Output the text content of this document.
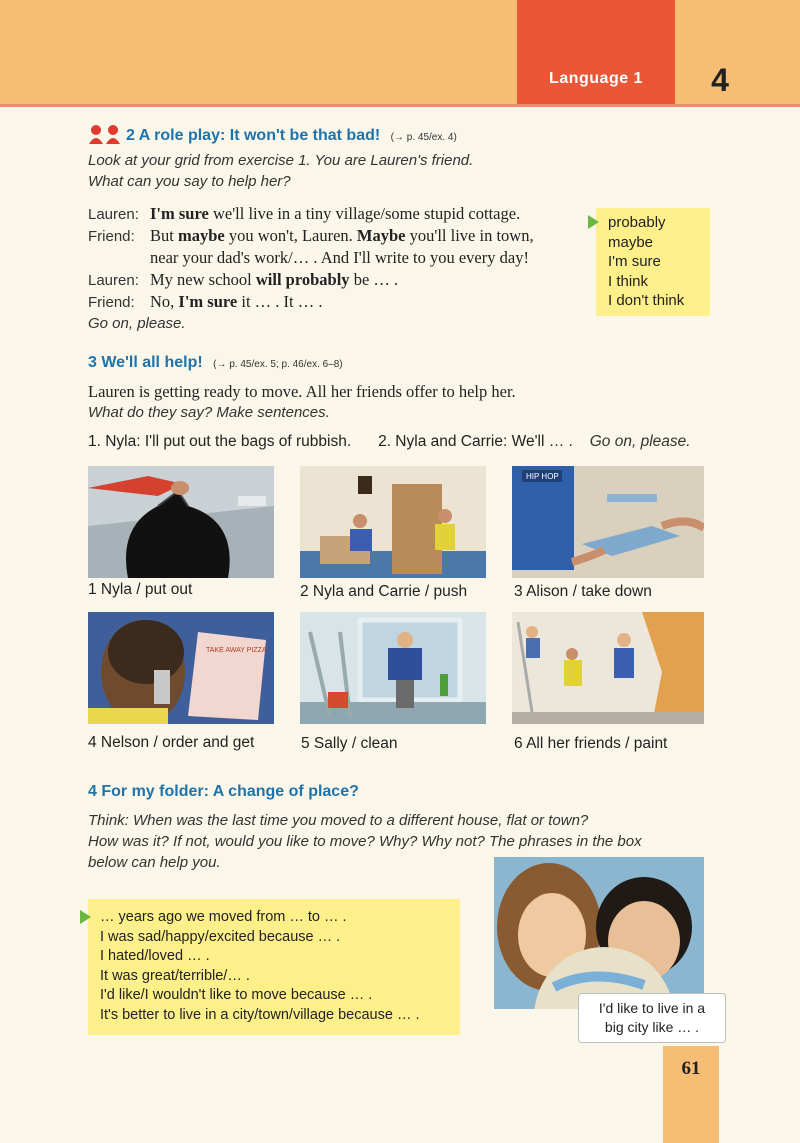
Language 1	4
2 A role play: It won't be that bad! (→ p. 45/ex. 4)
Look at your grid from exercise 1. You are Lauren's friend.
What can you say to help her?
Lauren: I'm sure we'll live in a tiny village/some stupid cottage.
Friend: But maybe you won't, Lauren. Maybe you'll live in town,
near your dad's work/… . And I'll write to you every day!
Lauren: My new school will probably be … .
Friend: No, I'm sure it … . It … .
Go on, please.
probably
maybe
I'm sure
I think
I don't think
3 We'll all help! (→ p. 45/ex. 5; p. 46/ex. 6–8)
Lauren is getting ready to move. All her friends offer to help her.
What do they say? Make sentences.
1. Nyla: I'll put out the bags of rubbish. 2. Nyla and Carrie: We'll … . Go on, please.
HIP HOP
1 Nyla / put out	2 Nyla and Carrie / push	3 Alison / take down
TAKE AWAY PIZZA
4 Nelson / order and get	5 Sally / clean	6 All her friends / paint
4 For my folder: A change of place?
Think: When was the last time you moved to a different house, flat or town?
How was it? If not, would you like to move? Why? Why not? The phrases in the box
below can help you.
… years ago we moved from … to … .
I was sad/happy/excited because … .
I hated/loved … .
It was great/terrible/… .
I'd like/I wouldn't like to move because … .
It's better to live in a city/town/village because … .	I'd like to live in a
big city like … .
61
